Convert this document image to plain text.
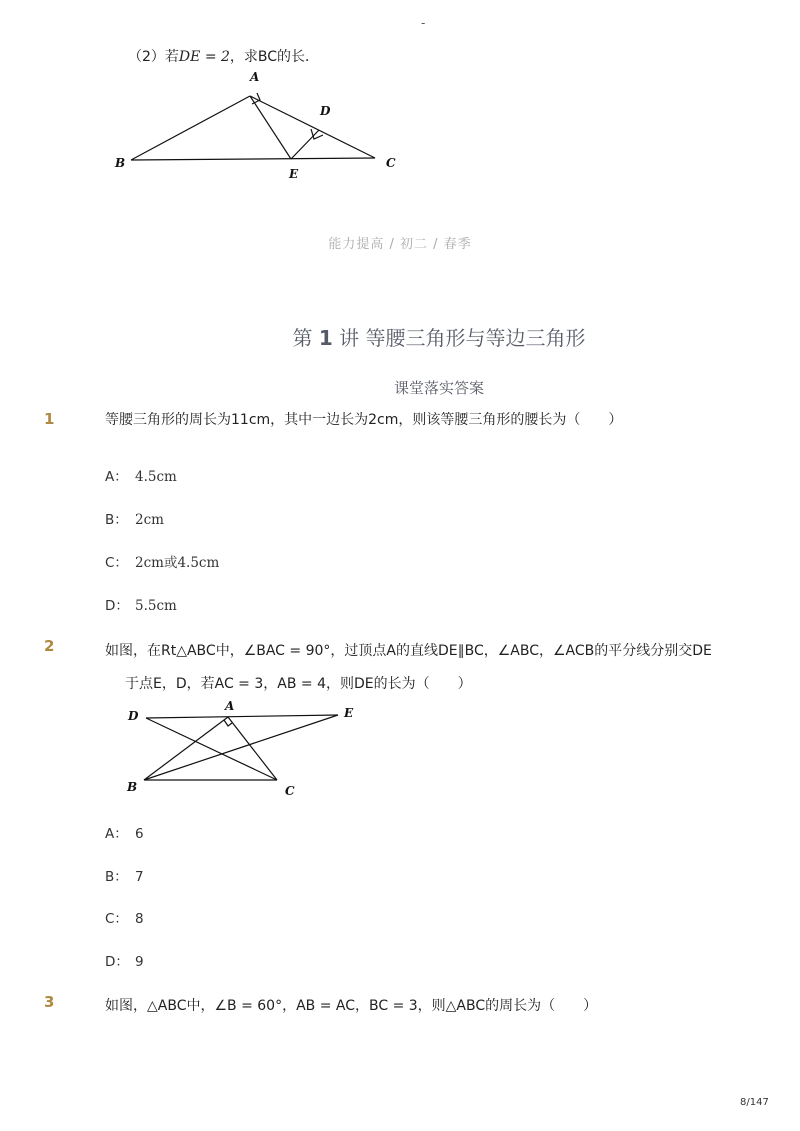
-
（2）若DE = 2，求BC的长．
A
B	C
D
E
能力提高 / 初二 / 春季
第 1 讲 等腰三角形与等边三角形
课堂落实答案
1	等腰三角形的周长为11cm，其中一边长为2cm，则该等腰三角形的腰长为（　　）
A： 4.5cm
B： 2cm
C： 2cm或4.5cm
D： 5.5cm
2	如图，在Rt△ABC中，∠BAC = 90°，过顶点A的直线DE∥BC，∠ABC，∠ACB的平分线分别交DE
于点E，D，若AC = 3，AB = 4，则DE的长为（　　）
A
B	C
D	E
A： 6
B： 7
C： 8
D： 9
3	如图，△ABC中，∠B = 60°，AB = AC，BC = 3，则△ABC的周长为（　　）
8/147
